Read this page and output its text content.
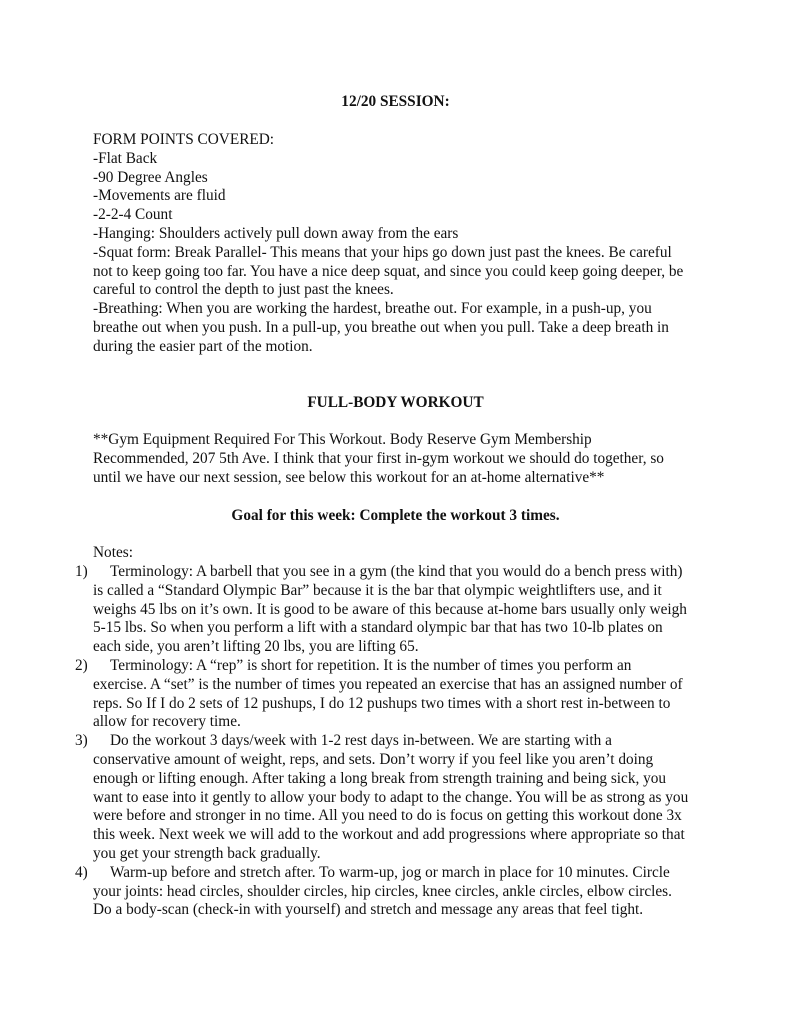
12/20 SESSION:
FORM POINTS COVERED:
-Flat Back
-90 Degree Angles
-Movements are fluid
-2-2-4 Count
-Hanging: Shoulders actively pull down away from the ears
-Squat form: Break Parallel- This means that your hips go down just past the knees. Be careful
not to keep going too far. You have a nice deep squat, and since you could keep going deeper, be
careful to control the depth to just past the knees.
-Breathing: When you are working the hardest, breathe out. For example, in a push-up, you
breathe out when you push. In a pull-up, you breathe out when you pull. Take a deep breath in
during the easier part of the motion.
FULL-BODY WORKOUT
**Gym Equipment Required For This Workout. Body Reserve Gym Membership
Recommended, 207 5th Ave. I think that your first in-gym workout we should do together, so
until we have our next session, see below this workout for an at-home alternative**
Goal for this week: Complete the workout 3 times.
Notes:
1)	Terminology: A barbell that you see in a gym (the kind that you would do a bench press with)
is called a “Standard Olympic Bar” because it is the bar that olympic weightlifters use, and it
weighs 45 lbs on it’s own. It is good to be aware of this because at-home bars usually only weigh
5-15 lbs. So when you perform a lift with a standard olympic bar that has two 10-lb plates on
each side, you aren’t lifting 20 lbs, you are lifting 65.
2)	Terminology: A “rep” is short for repetition. It is the number of times you perform an
exercise. A “set” is the number of times you repeated an exercise that has an assigned number of
reps. So If I do 2 sets of 12 pushups, I do 12 pushups two times with a short rest in-between to
allow for recovery time.
3)	Do the workout 3 days/week with 1-2 rest days in-between. We are starting with a
conservative amount of weight, reps, and sets. Don’t worry if you feel like you aren’t doing
enough or lifting enough. After taking a long break from strength training and being sick, you
want to ease into it gently to allow your body to adapt to the change. You will be as strong as you
were before and stronger in no time. All you need to do is focus on getting this workout done 3x
this week. Next week we will add to the workout and add progressions where appropriate so that
you get your strength back gradually.
4)	Warm-up before and stretch after. To warm-up, jog or march in place for 10 minutes. Circle
your joints: head circles, shoulder circles, hip circles, knee circles, ankle circles, elbow circles.
Do a body-scan (check-in with yourself) and stretch and message any areas that feel tight.
